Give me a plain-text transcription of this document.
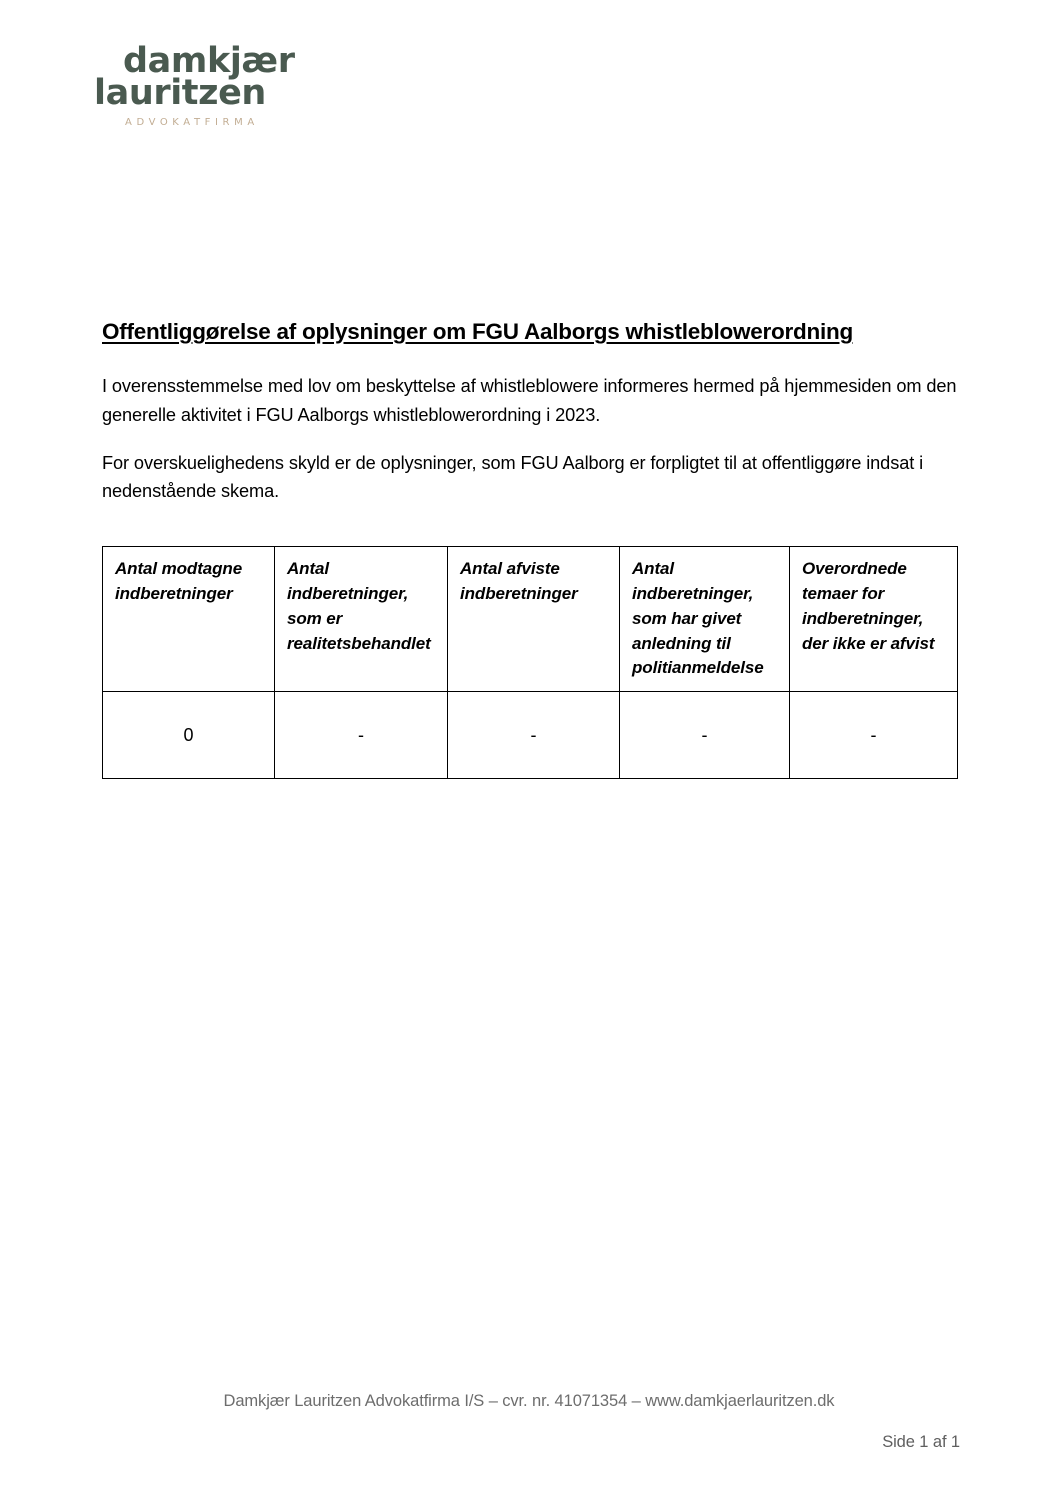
damkjær
lauritzen
ADVOKATFIRMA
Offentliggørelse af oplysninger om FGU Aalborgs whistleblowerordning

I overensstemmelse med lov om beskyttelse af whistleblowere informeres hermed på hjemmesiden om den generelle aktivitet i FGU Aalborgs whistleblowerordning i 2023.

For overskuelighedens skyld er de oplysninger, som FGU Aalborg er forpligtet til at offentliggøre indsat i nedenstående skema.

Antal modtagne indberetninger	Antal indberetninger, som er realitetsbehandlet	Antal afviste indberetninger	Antal indberetninger, som har givet anledning til politianmeldelse	Overordnede temaer for indberetninger, der ikke er afvist
0	-	-	-	-
Damkjær Lauritzen Advokatfirma I/S – cvr. nr. 41071354 – www.damkjaerlauritzen.dk
Side 1 af 1
